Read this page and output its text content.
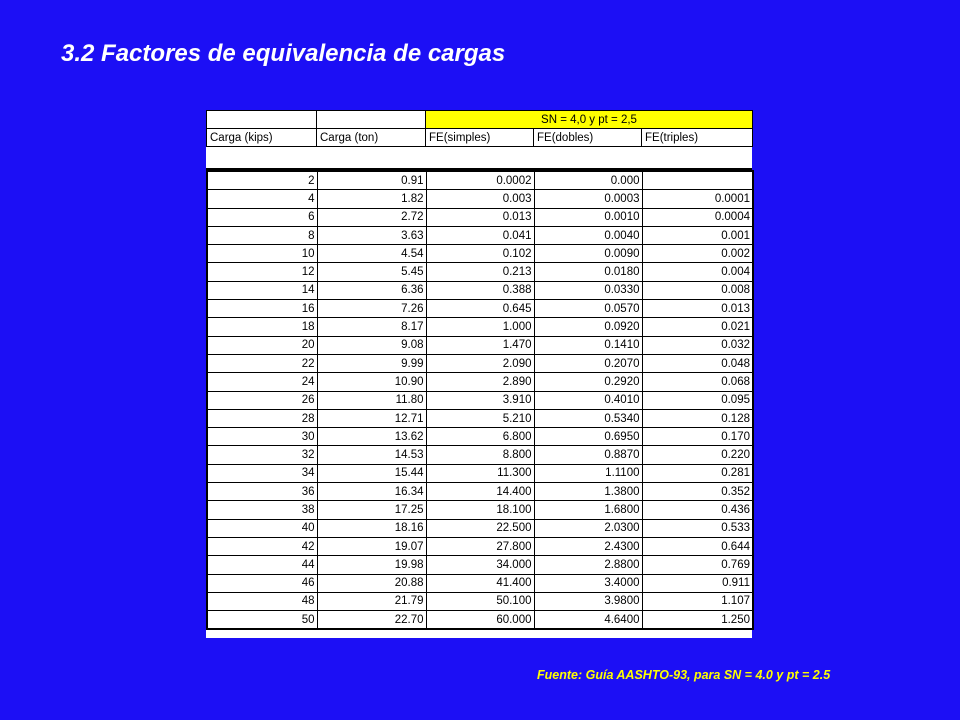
3.2 Factores de equivalencia de cargas
		SN = 4,0 y pt = 2,5		
Carga (kips)	Carga (ton)	FE(simples)	FE(dobles)	FE(triples)
2	0.91	0.0002	0.000	
4	1.82	0.003	0.0003	0.0001
6	2.72	0.013	0.0010	0.0004
8	3.63	0.041	0.0040	0.001
10	4.54	0.102	0.0090	0.002
12	5.45	0.213	0.0180	0.004
14	6.36	0.388	0.0330	0.008
16	7.26	0.645	0.0570	0.013
18	8.17	1.000	0.0920	0.021
20	9.08	1.470	0.1410	0.032
22	9.99	2.090	0.2070	0.048
24	10.90	2.890	0.2920	0.068
26	11.80	3.910	0.4010	0.095
28	12.71	5.210	0.5340	0.128
30	13.62	6.800	0.6950	0.170
32	14.53	8.800	0.8870	0.220
34	15.44	11.300	1.1100	0.281
36	16.34	14.400	1.3800	0.352
38	17.25	18.100	1.6800	0.436
40	18.16	22.500	2.0300	0.533
42	19.07	27.800	2.4300	0.644
44	19.98	34.000	2.8800	0.769
46	20.88	41.400	3.4000	0.911
48	21.79	50.100	3.9800	1.107
50	22.70	60.000	4.6400	1.250
Fuente: Guía AASHTO-93, para SN = 4.0 y pt = 2.5
